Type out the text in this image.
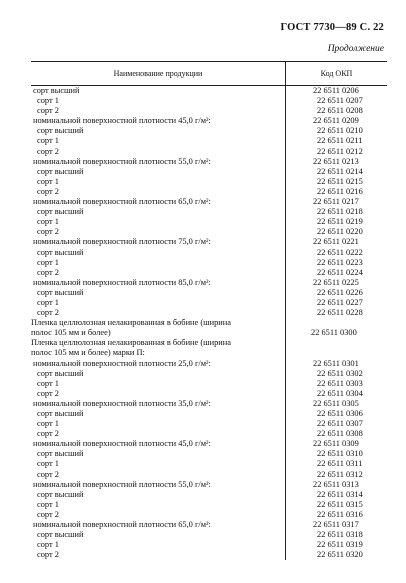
ГОСТ 7730—89 С. 22
Продолжение
Наименование продукции	Код ОКП
сорт высший	22 6511 0206
сорт 1	22 6511 0207
сорт 2	22 6511 0208
номинальной поверхностной плотности 45,0 г/м²:	22 6511 0209
сорт высший	22 6511 0210
сорт 1	22 6511 0211
сорт 2	22 6511 0212
номинальной поверхностной плотности 55,0 г/м²:	22 6511 0213
сорт высший	22 6511 0214
сорт 1	22 6511 0215
сорт 2	22 6511 0216
номинальной поверхностной плотности 65,0 г/м²:	22 6511 0217
сорт высший	22 6511 0218
сорт 1	22 6511 0219
сорт 2	22 6511 0220
номинальной поверхностной плотности 75,0 г/м²:	22 6511 0221
сорт высший	22 6511 0222
сорт 1	22 6511 0223
сорт 2	22 6511 0224
номинальной поверхностной плотности 85,0 г/м²:	22 6511 0225
сорт высший	22 6511 0226
сорт 1	22 6511 0227
сорт 2	22 6511 0228
Пленка целлюлозная нелакированная в бобине (ширина
полос 105 мм и более)	22 6511 0300
Пленка целлюлозная нелакированная в бобине (ширина
полос 105 мм и более) марки П:
номинальной поверхностной плотности 25,0 г/м²:	22 6511 0301
сорт высший	22 6511 0302
сорт 1	22 6511 0303
сорт 2	22 6511 0304
номинальной поверхностной плотности 35,0 г/м²:	22 6511 0305
сорт высший	22 6511 0306
сорт 1	22 6511 0307
сорт 2	22 6511 0308
номинальной поверхностной плотности 45,0 г/м²:	22 6511 0309
сорт высший	22 6511 0310
сорт 1	22 6511 0311
сорт 2	22 6511 0312
номинальной поверхностной плотности 55,0 г/м²:	22 6511 0313
сорт высший	22 6511 0314
сорт 1	22 6511 0315
сорт 2	22 6511 0316
номинальной поверхностной плотности 65,0 г/м²:	22 6511 0317
сорт высший	22 6511 0318
сорт 1	22 6511 0319
сорт 2	22 6511 0320
